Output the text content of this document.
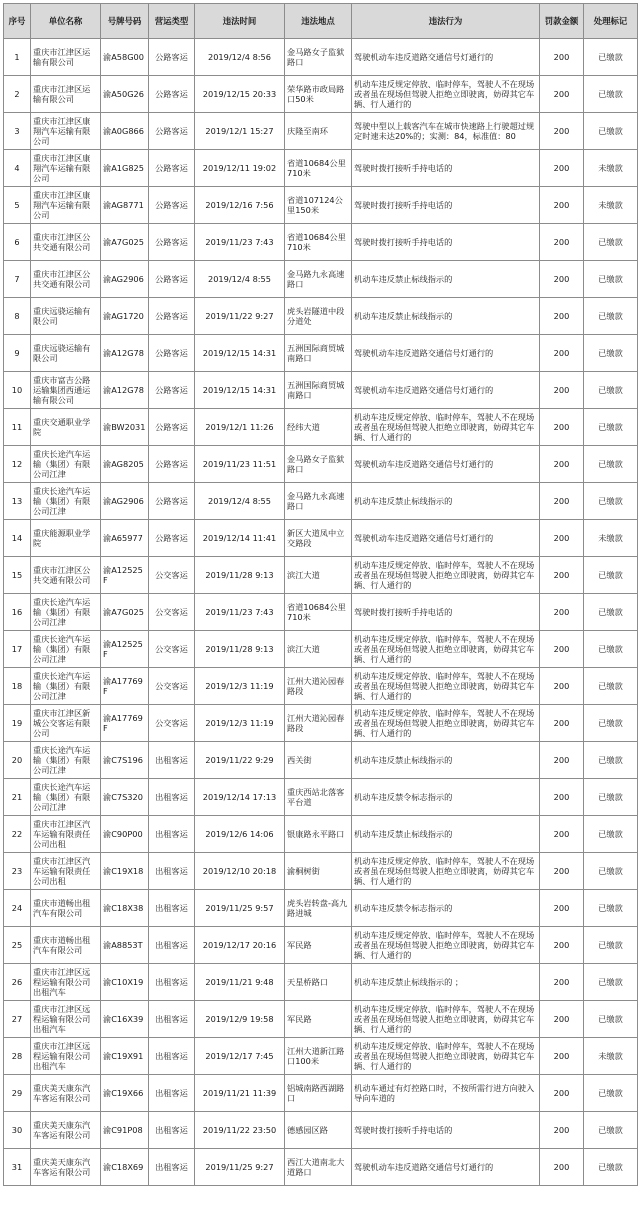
序号	单位名称	号牌号码	营运类型	违法时间	违法地点	违法行为	罚款金额	处理标记
1	重庆市江津区运输有限公司	渝A58G00	公路客运	2019/12/4 8:56	金马路女子监狱路口	驾驶机动车违反道路交通信号灯通行的	200	已缴款
2	重庆市江津区运输有限公司	渝A50G26	公路客运	2019/12/15 20:33	荣华路市政局路口50米	机动车违反规定停放、临时停车，驾驶人不在现场或者虽在现场但驾驶人拒绝立即驶离，妨碍其它车辆、行人通行的	200	已缴款
3	重庆市江津区康翔汽车运输有限公司	渝A0G866	公路客运	2019/12/1 15:27	庆隆至南环	驾驶中型以上载客汽车在城市快速路上行驶超过规定时速未达20%的；实测：84，标准值：80	200	已缴款
4	重庆市江津区康翔汽车运输有限公司	渝A1G825	公路客运	2019/12/11 19:02	省道10684公里710米	驾驶时拨打接听手持电话的	200	未缴款
5	重庆市江津区康翔汽车运输有限公司	渝AG8771	公路客运	2019/12/16 7:56	省道107124公里150米	驾驶时拨打接听手持电话的	200	未缴款
6	重庆市江津区公共交通有限公司	渝A7G025	公路客运	2019/11/23 7:43	省道10684公里710米	驾驶时拨打接听手持电话的	200	已缴款
7	重庆市江津区公共交通有限公司	渝AG2906	公路客运	2019/12/4 8:55	金马路九永高速路口	机动车违反禁止标线指示的	200	已缴款
8	重庆远骁运输有限公司	渝AG1720	公路客运	2019/11/22 9:27	虎头岩隧道中段分道处	机动车违反禁止标线指示的	200	已缴款
9	重庆远骁运输有限公司	渝A12G78	公路客运	2019/12/15 14:31	五洲国际商贸城南路口	驾驶机动车违反道路交通信号灯通行的	200	已缴款
10	重庆市富吉公路运输集团西通运输有限公司	渝A12G78	公路客运	2019/12/15 14:31	五洲国际商贸城南路口	驾驶机动车违反道路交通信号灯通行的	200	已缴款
11	重庆交通职业学院	渝BW2031	公路客运	2019/12/1 11:26	经纬大道	机动车违反规定停放、临时停车，驾驶人不在现场或者虽在现场但驾驶人拒绝立即驶离，妨碍其它车辆、行人通行的	200	已缴款
12	重庆长途汽车运输（集团）有限公司江津	渝AG8205	公路客运	2019/11/23 11:51	金马路女子监狱路口	驾驶机动车违反道路交通信号灯通行的	200	已缴款
13	重庆长途汽车运输（集团）有限公司江津	渝AG2906	公路客运	2019/12/4 8:55	金马路九永高速路口	机动车违反禁止标线指示的	200	已缴款
14	重庆能源职业学院	渝A65977	公路客运	2019/12/14 11:41	新区大道凤中立交路段	驾驶机动车违反道路交通信号灯通行的	200	未缴款
15	重庆市江津区公共交通有限公司	渝A12525F	公交客运	2019/11/28 9:13	滨江大道	机动车违反规定停放、临时停车，驾驶人不在现场或者虽在现场但驾驶人拒绝立即驶离，妨碍其它车辆、行人通行的	200	已缴款
16	重庆长途汽车运输（集团）有限公司江津	渝A7G025	公交客运	2019/11/23 7:43	省道10684公里710米	驾驶时拨打接听手持电话的	200	已缴款
17	重庆长途汽车运输（集团）有限公司江津	渝A12525F	公交客运	2019/11/28 9:13	滨江大道	机动车违反规定停放、临时停车，驾驶人不在现场或者虽在现场但驾驶人拒绝立即驶离，妨碍其它车辆、行人通行的	200	已缴款
18	重庆长途汽车运输（集团）有限公司江津	渝A17769F	公交客运	2019/12/3 11:19	江州大道沁园春路段	机动车违反规定停放、临时停车，驾驶人不在现场或者虽在现场但驾驶人拒绝立即驶离，妨碍其它车辆、行人通行的	200	已缴款
19	重庆市江津区新城公交客运有限公司	渝A17769F	公交客运	2019/12/3 11:19	江州大道沁园春路段	机动车违反规定停放、临时停车，驾驶人不在现场或者虽在现场但驾驶人拒绝立即驶离，妨碍其它车辆、行人通行的	200	已缴款
20	重庆长途汽车运输（集团）有限公司江津	渝C7S196	出租客运	2019/11/22 9:29	西关街	机动车违反禁止标线指示的	200	已缴款
21	重庆长途汽车运输（集团）有限公司江津	渝C7S320	出租客运	2019/12/14 17:13	重庆西站北落客平台道	机动车违反禁令标志指示的	200	已缴款
22	重庆市江津区汽车运输有限责任公司出租	渝C90P00	出租客运	2019/12/6 14:06	银康路永平路口	机动车违反禁止标线指示的	200	已缴款
23	重庆市江津区汽车运输有限责任公司出租	渝C19X18	出租客运	2019/12/10 20:18	渝桐树街	机动车违反规定停放、临时停车，驾驶人不在现场或者虽在现场但驾驶人拒绝立即驶离，妨碍其它车辆、行人通行的	200	已缴款
24	重庆市道畅出租汽车有限公司	渝C18X38	出租客运	2019/11/25 9:57	虎头岩转盘-高九路进城	机动车违反禁令标志指示的	200	已缴款
25	重庆市道畅出租汽车有限公司	渝A8853T	出租客运	2019/12/17 20:16	军民路	机动车违反规定停放、临时停车，驾驶人不在现场或者虽在现场但驾驶人拒绝立即驶离，妨碍其它车辆、行人通行的	200	已缴款
26	重庆市江津区远程运输有限公司出租汽车	渝C10X19	出租客运	2019/11/21 9:48	天星桥路口	机动车违反禁止标线指示的 ；	200	已缴款
27	重庆市江津区远程运输有限公司出租汽车	渝C16X39	出租客运	2019/12/9 19:58	军民路	机动车违反规定停放、临时停车，驾驶人不在现场或者虽在现场但驾驶人拒绝立即驶离，妨碍其它车辆、行人通行的	200	已缴款
28	重庆市江津区远程运输有限公司出租汽车	渝C19X91	出租客运	2019/12/17 7:45	江州大道新江路口100米	机动车违反规定停放、临时停车，驾驶人不在现场或者虽在现场但驾驶人拒绝立即驶离，妨碍其它车辆、行人通行的	200	未缴款
29	重庆美天康东汽车客运有限公司	渝C19X66	出租客运	2019/11/21 11:39	铝城南路西湖路口	机动车通过有灯控路口时，不按所需行进方向驶入导向车道的	200	已缴款
30	重庆美天康东汽车客运有限公司	渝C91P08	出租客运	2019/11/22 23:50	德感园区路	驾驶时拨打接听手持电话的	200	已缴款
31	重庆美天康东汽车客运有限公司	渝C18X69	出租客运	2019/11/25 9:27	西江大道南北大道路口	驾驶机动车违反道路交通信号灯通行的	200	已缴款
